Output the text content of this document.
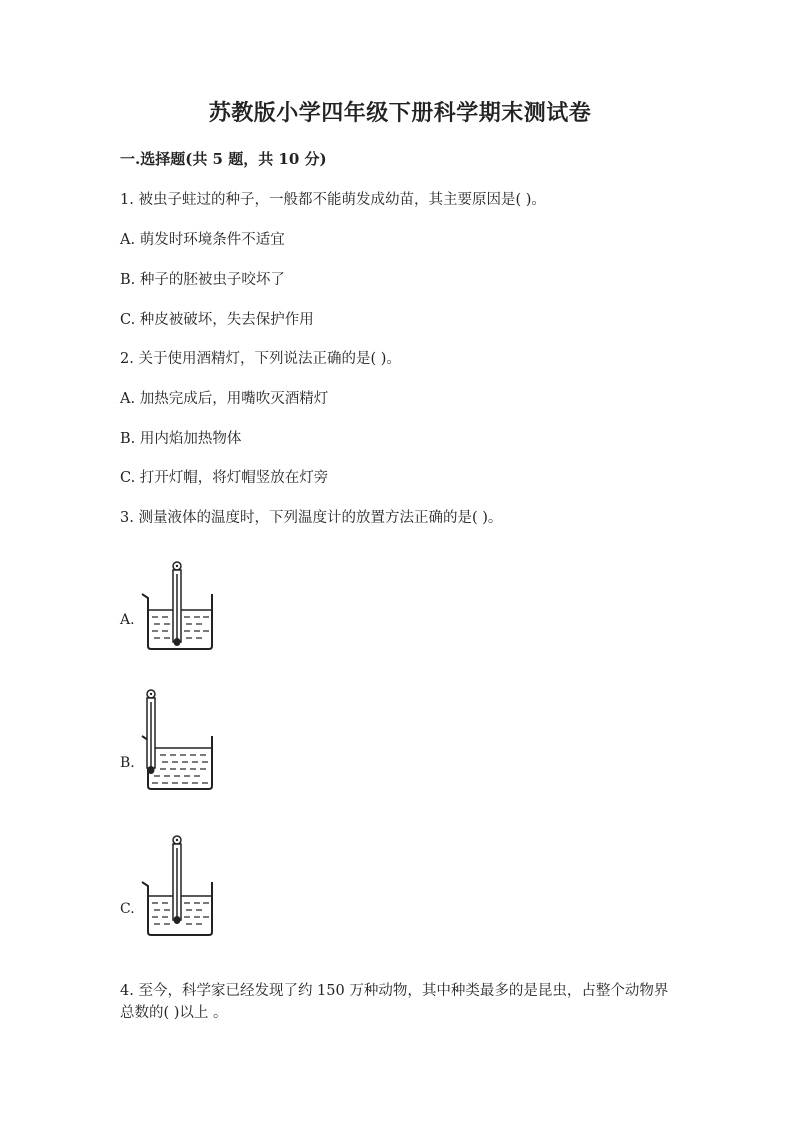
苏教版小学四年级下册科学期末测试卷
一.选择题(共 5 题，共 10 分)
1. 被虫子蛀过的种子，一般都不能萌发成幼苗，其主要原因是( )。
A. 萌发时环境条件不适宜
B. 种子的胚被虫子咬坏了
C. 种皮被破坏，失去保护作用
2. 关于使用酒精灯，下列说法正确的是( )。
A. 加热完成后，用嘴吹灭酒精灯
B. 用内焰加热物体
C. 打开灯帽，将灯帽竖放在灯旁
3. 测量液体的温度时，下列温度计的放置方法正确的是( )。
A.
B.
C.
4. 至今，科学家已经发现了约 150 万种动物，其中种类最多的是昆虫，占整个动物界总数的( )以上 。
